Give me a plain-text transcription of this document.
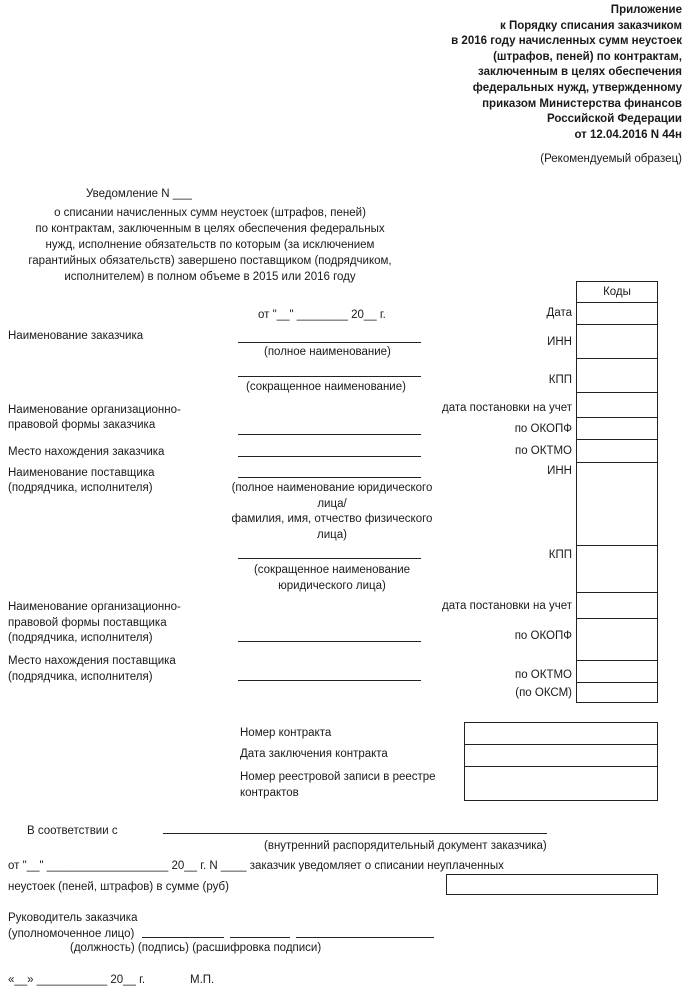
Приложение
к Порядку списания заказчиком
в 2016 году начисленных сумм неустоек
(штрафов, пеней) по контрактам,
заключенным в целях обеспечения
федеральных нужд, утвержденному
приказом Министерства финансов
Российской Федерации
от 12.04.2016 N 44н
(Рекомендуемый образец)
Уведомление N ___
о списании начисленных сумм неустоек (штрафов, пеней)
по контрактам, заключенным в целях обеспечения федеральных
нужд, исполнение обязательств по которым (за исключением
гарантийных обязательств) завершено поставщиком (подрядчиком,
исполнителем) в полном объеме в 2015 или 2016 году
от "__" ________ 20__ г.
Коды
Дата
ИНН
КПП
дата постановки на учет
по ОКОПФ
по ОКТМО
ИНН
КПП
дата постановки на учет
по ОКОПФ
по ОКТМО
(по ОКСМ)
Наименование заказчика
(полное наименование)
(сокращенное наименование)
Наименование организационно-
правовой формы заказчика
Место нахождения заказчика
Наименование поставщика
(подрядчика, исполнителя)	(полное наименование юридического
лица/
фамилия, имя, отчество физического
лица)
(сокращенное наименование
юридического лица)
Наименование организационно-
правовой формы поставщика
(подрядчика, исполнителя)
Место нахождения поставщика
(подрядчика, исполнителя)
Номер контракта
Дата заключения контракта
Номер реестровой записи в реестре
контрактов
В соответствии с
(внутренний распорядительный документ заказчика)
от "__" ___________________ 20__ г. N ____ заказчик уведомляет о списании неуплаченных
неустоек (пеней, штрафов) в сумме (руб)
Руководитель заказчика
(уполномоченное лицо)
(должность) (подпись) (расшифровка подписи)
«__» ___________ 20__ г.	М.П.
